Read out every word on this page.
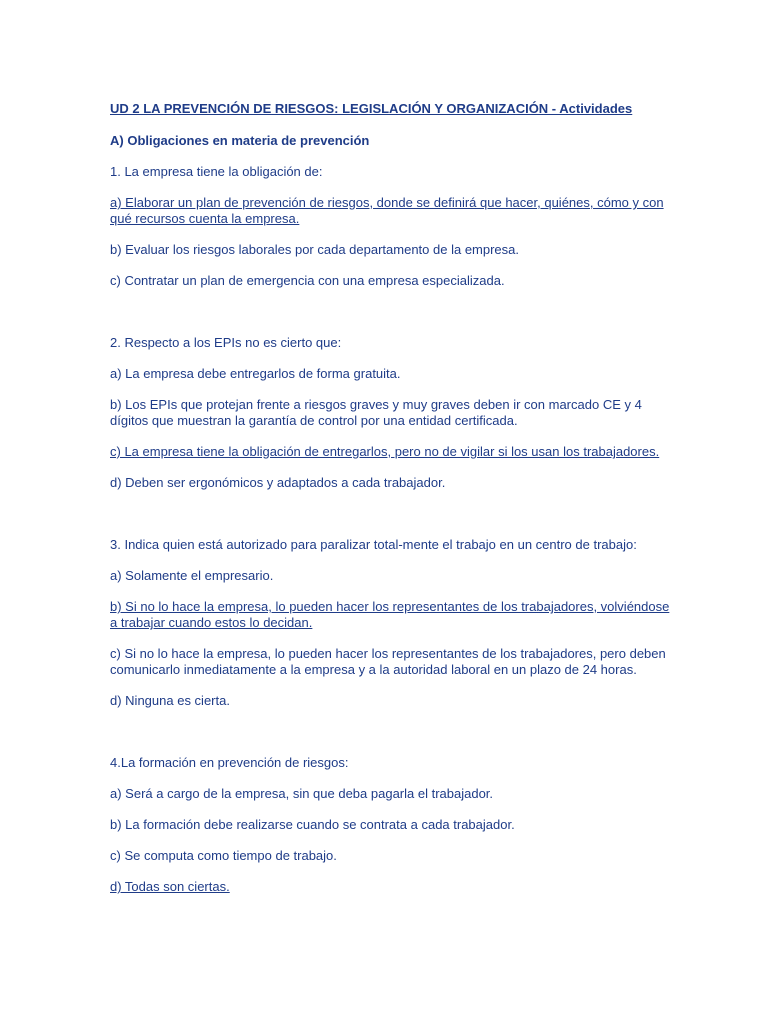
UD 2 LA PREVENCIÓN DE RIESGOS: LEGISLACIÓN Y ORGANIZACIÓN - Actividades
A) Obligaciones en materia de prevención
1. La empresa tiene la obligación de:
a) Elaborar un plan de prevención de riesgos, donde se definirá que hacer, quiénes, cómo y con qué recursos cuenta la empresa.
b) Evaluar los riesgos laborales por cada departamento de la empresa.
c) Contratar un plan de emergencia con una empresa especializada.
2. Respecto a los EPIs no es cierto que:
a) La empresa debe entregarlos de forma gratuita.
b) Los EPIs que protejan frente a riesgos graves y muy graves deben ir con marcado CE y 4 dígitos que muestran la garantía de control por una entidad certificada.
c) La empresa tiene la obligación de entregarlos, pero no de vigilar si los usan los trabajadores.
d) Deben ser ergonómicos y adaptados a cada trabajador.
3. Indica quien está autorizado para paralizar total-mente el trabajo en un centro de trabajo:
a) Solamente el empresario.
b) Si no lo hace la empresa, lo pueden hacer los representantes de los trabajadores, volviéndose a trabajar cuando estos lo decidan.
c) Si no lo hace la empresa, lo pueden hacer los representantes de los trabajadores, pero deben comunicarlo inmediatamente a la empresa y a la autoridad laboral en un plazo de 24 horas.
d) Ninguna es cierta.
4.La formación en prevención de riesgos:
a) Será a cargo de la empresa, sin que deba pagarla el trabajador.
b) La formación debe realizarse cuando se contrata a cada trabajador.
c) Se computa como tiempo de trabajo.
d) Todas son ciertas.
